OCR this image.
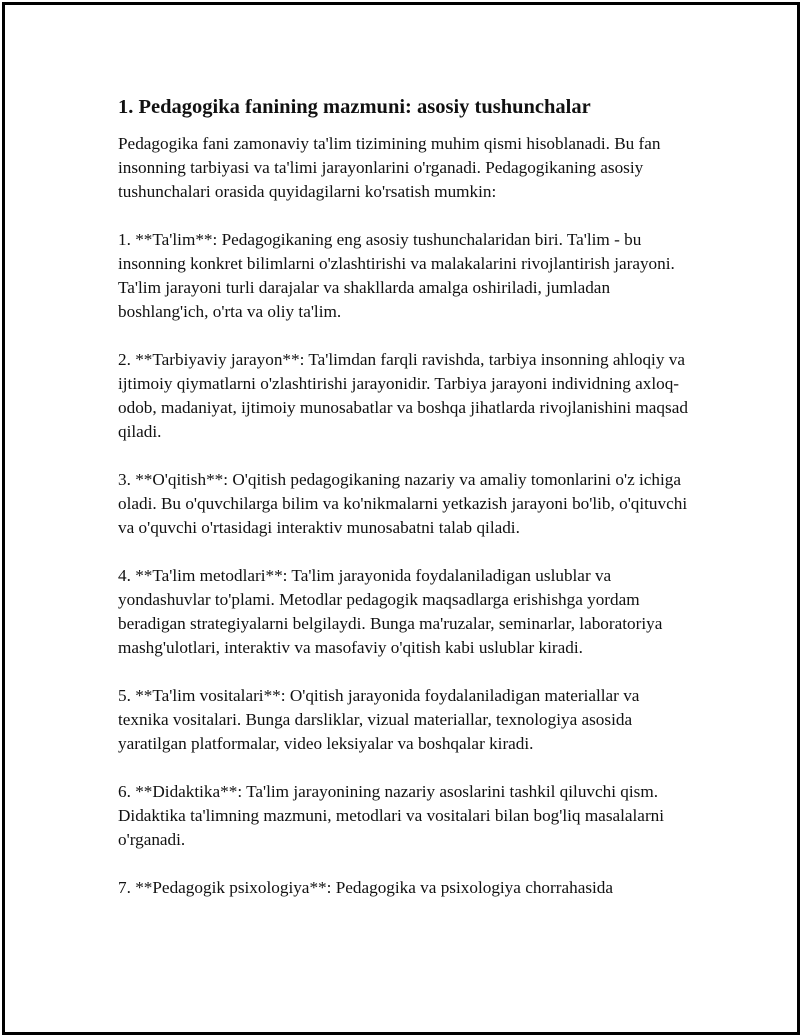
1. Pedagogika fanining mazmuni: asosiy tushunchalar

Pedagogika fani zamonaviy ta'lim tizimining muhim qismi hisoblanadi. Bu fan insonning tarbiyasi va ta'limi jarayonlarini o'rganadi. Pedagogikaning asosiy tushunchalari orasida quyidagilarni ko'rsatish mumkin:

1. **Ta'lim**: Pedagogikaning eng asosiy tushunchalaridan biri. Ta'lim - bu insonning konkret bilimlarni o'zlashtirishi va malakalarini rivojlantirish jarayoni. Ta'lim jarayoni turli darajalar va shakllarda amalga oshiriladi, jumladan boshlang'ich, o'rta va oliy ta'lim.

2. **Tarbiyaviy jarayon**: Ta'limdan farqli ravishda, tarbiya insonning ahloqiy va ijtimoiy qiymatlarni o'zlashtirishi jarayonidir. Tarbiya jarayoni individning axloq-odob, madaniyat, ijtimoiy munosabatlar va boshqa jihatlarda rivojlanishini maqsad qiladi.

3. **O'qitish**: O'qitish pedagogikaning nazariy va amaliy tomonlarini o'z ichiga oladi. Bu o'quvchilarga bilim va ko'nikmalarni yetkazish jarayoni bo'lib, o'qituvchi va o'quvchi o'rtasidagi interaktiv munosabatni talab qiladi.

4. **Ta'lim metodlari**: Ta'lim jarayonida foydalaniladigan uslublar va yondashuvlar to'plami. Metodlar pedagogik maqsadlarga erishishga yordam beradigan strategiyalarni belgilaydi. Bunga ma'ruzalar, seminarlar, laboratoriya mashg'ulotlari, interaktiv va masofaviy o'qitish kabi uslublar kiradi.

5. **Ta'lim vositalari**: O'qitish jarayonida foydalaniladigan materiallar va texnika vositalari. Bunga darsliklar, vizual materiallar, texnologiya asosida yaratilgan platformalar, video leksiyalar va boshqalar kiradi.

6. **Didaktika**: Ta'lim jarayonining nazariy asoslarini tashkil qiluvchi qism. Didaktika ta'limning mazmuni, metodlari va vositalari bilan bog'liq masalalarni o'rganadi.

7. **Pedagogik psixologiya**: Pedagogika va psixologiya chorrahasida
